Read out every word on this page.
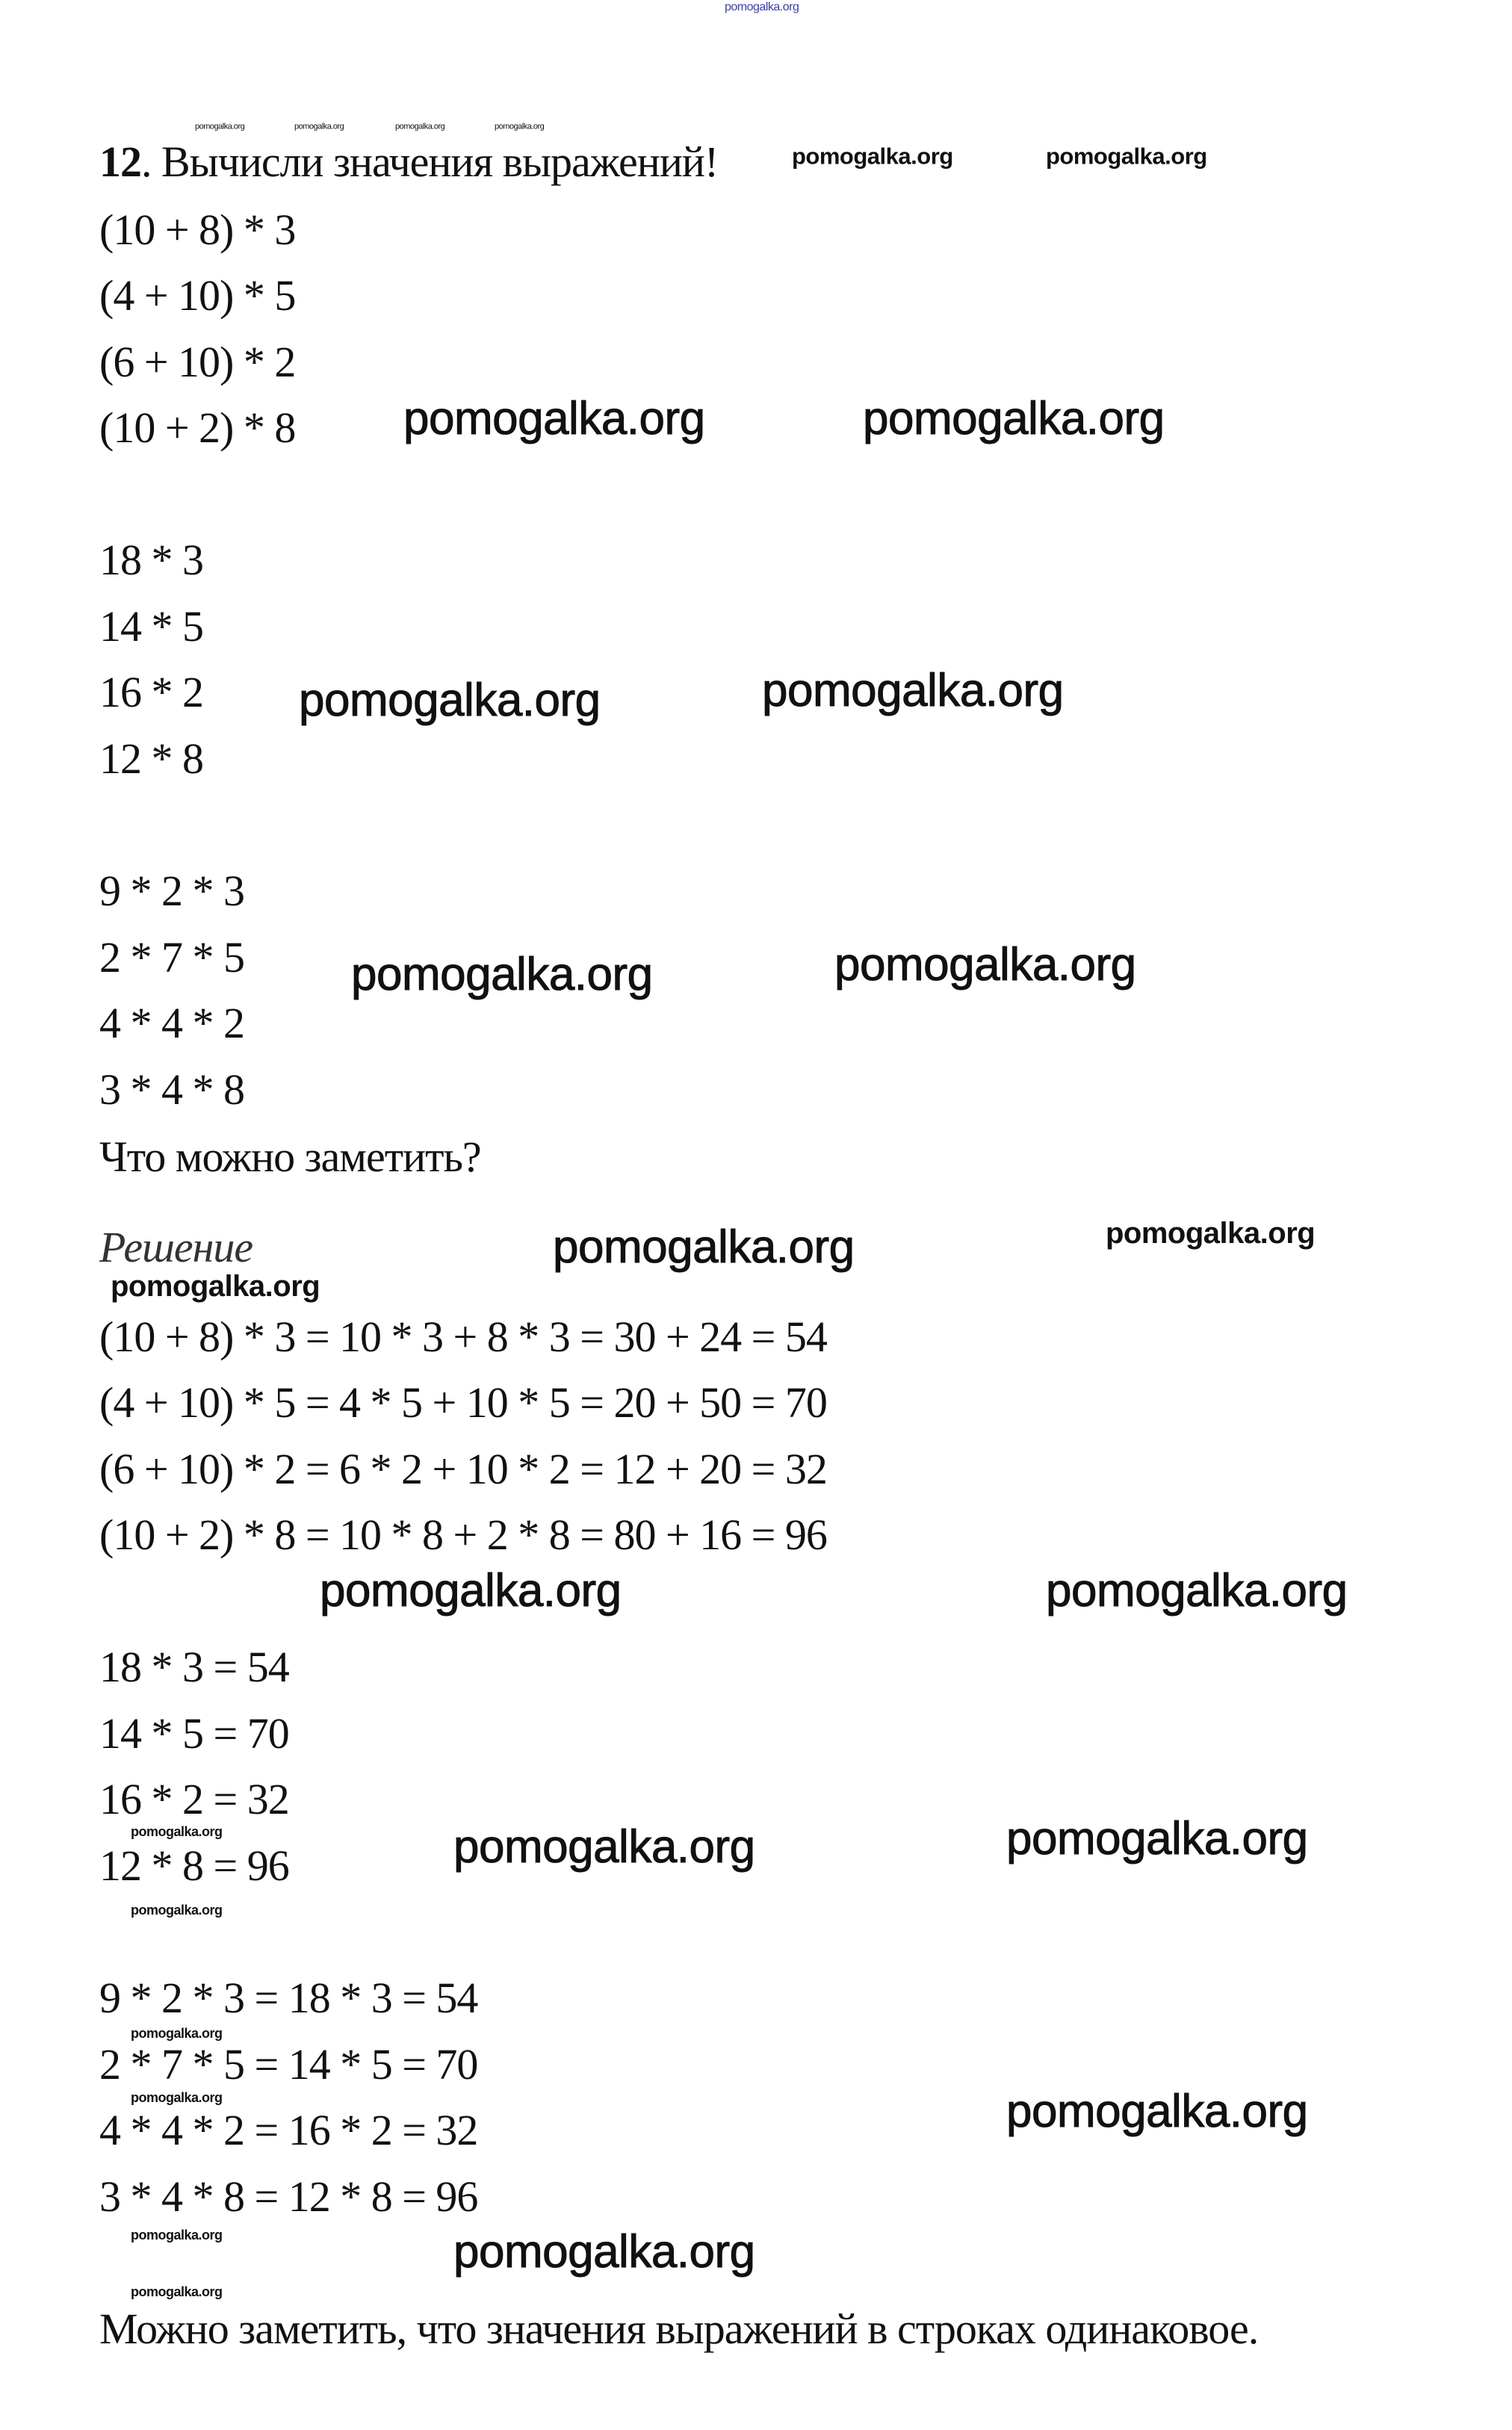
12. Вычисли значения выражений!
Что можно заметить?
Решение
Можно заметить, что значения выражений в строках одинаковое.
(10 + 8) * 3
(4 + 10) * 5
(6 + 10) * 2
(10 + 2) * 8
18 * 3
14 * 5
16 * 2
12 * 8
9 * 2 * 3
2 * 7 * 5
4 * 4 * 2
3 * 4 * 8
(10 + 8) * 3 = 10 * 3 + 8 * 3 = 30 + 24 = 54
(4 + 10) * 5 = 4 * 5 + 10 * 5 = 20 + 50 = 70
(6 + 10) * 2 = 6 * 2 + 10 * 2 = 12 + 20 = 32
(10 + 2) * 8 = 10 * 8 + 2 * 8 = 80 + 16 = 96
18 * 3 = 54
14 * 5 = 70
16 * 2 = 32
12 * 8 = 96
9 * 2 * 3 = 18 * 3 = 54
2 * 7 * 5 = 14 * 5 = 70
4 * 4 * 2 = 16 * 2 = 32
3 * 4 * 8 = 12 * 8 = 96
pomogalka.org
pomogalka.org	pomogalka.org	pomogalka.org	pomogalka.org
pomogalka.org	pomogalka.org
pomogalka.org	pomogalka.org
pomogalka.org	pomogalka.org
pomogalka.org	pomogalka.org
pomogalka.org	pomogalka.org
pomogalka.org
pomogalka.org	pomogalka.org
pomogalka.org	pomogalka.org
pomogalka.org
pomogalka.org
pomogalka.org
pomogalka.org
pomogalka.org
pomogalka.org
pomogalka.org
pomogalka.org
